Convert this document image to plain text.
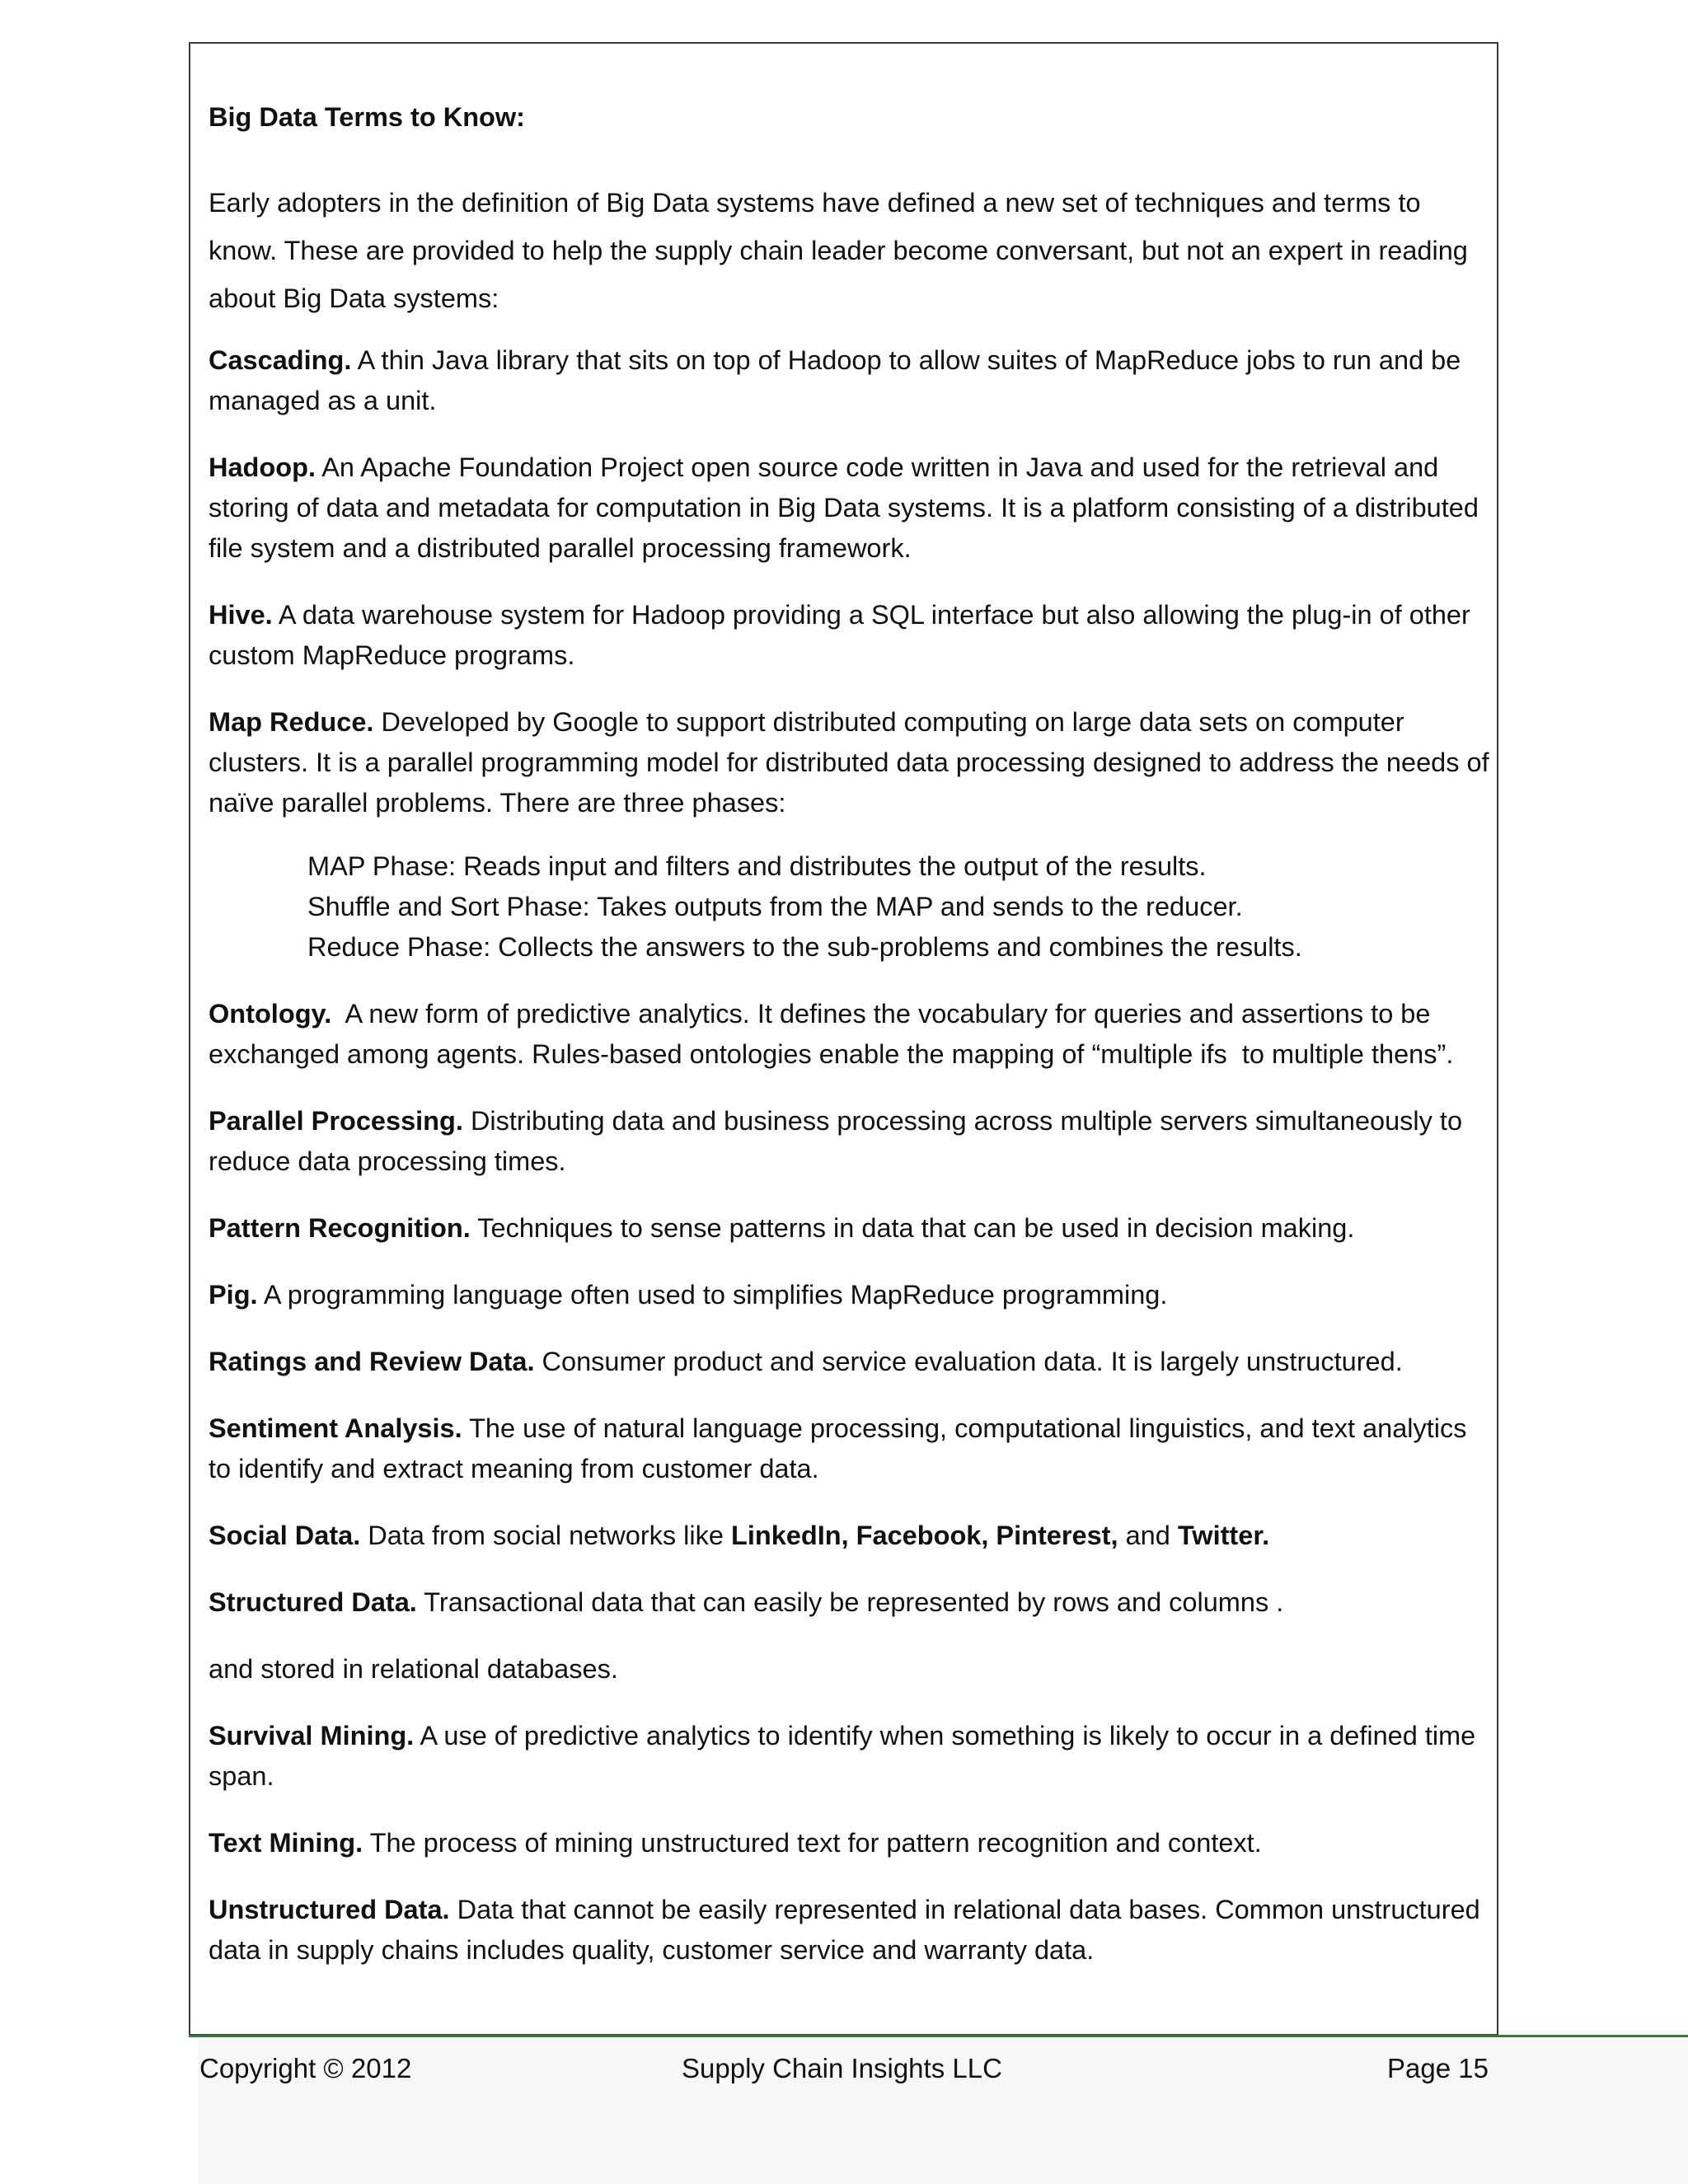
Big Data Terms to Know:
Early adopters in the definition of Big Data systems have defined a new set of techniques and terms to know. These are provided to help the supply chain leader become conversant, but not an expert in reading about Big Data systems:
Cascading. A thin Java library that sits on top of Hadoop to allow suites of MapReduce jobs to run and be managed as a unit.
Hadoop. An Apache Foundation Project open source code written in Java and used for the retrieval and storing of data and metadata for computation in Big Data systems. It is a platform consisting of a distributed file system and a distributed parallel processing framework.
Hive. A data warehouse system for Hadoop providing a SQL interface but also allowing the plug-in of other custom MapReduce programs.
Map Reduce. Developed by Google to support distributed computing on large data sets on computer clusters. It is a parallel programming model for distributed data processing designed to address the needs of naïve parallel problems. There are three phases:
MAP Phase: Reads input and filters and distributes the output of the results.
Shuffle and Sort Phase: Takes outputs from the MAP and sends to the reducer.
Reduce Phase: Collects the answers to the sub-problems and combines the results.
Ontology.  A new form of predictive analytics. It defines the vocabulary for queries and assertions to be exchanged among agents. Rules-based ontologies enable the mapping of “multiple ifs  to multiple thens”.
Parallel Processing. Distributing data and business processing across multiple servers simultaneously to reduce data processing times.
Pattern Recognition. Techniques to sense patterns in data that can be used in decision making.
Pig. A programming language often used to simplifies MapReduce programming.
Ratings and Review Data. Consumer product and service evaluation data. It is largely unstructured.
Sentiment Analysis. The use of natural language processing, computational linguistics, and text analytics to identify and extract meaning from customer data.
Social Data. Data from social networks like LinkedIn, Facebook, Pinterest, and Twitter.
Structured Data. Transactional data that can easily be represented by rows and columns .
and stored in relational databases.
Survival Mining. A use of predictive analytics to identify when something is likely to occur in a defined time span.
Text Mining. The process of mining unstructured text for pattern recognition and context.
Unstructured Data. Data that cannot be easily represented in relational data bases. Common unstructured data in supply chains includes quality, customer service and warranty data.
Copyright © 2012	Supply Chain Insights LLC	Page 15
